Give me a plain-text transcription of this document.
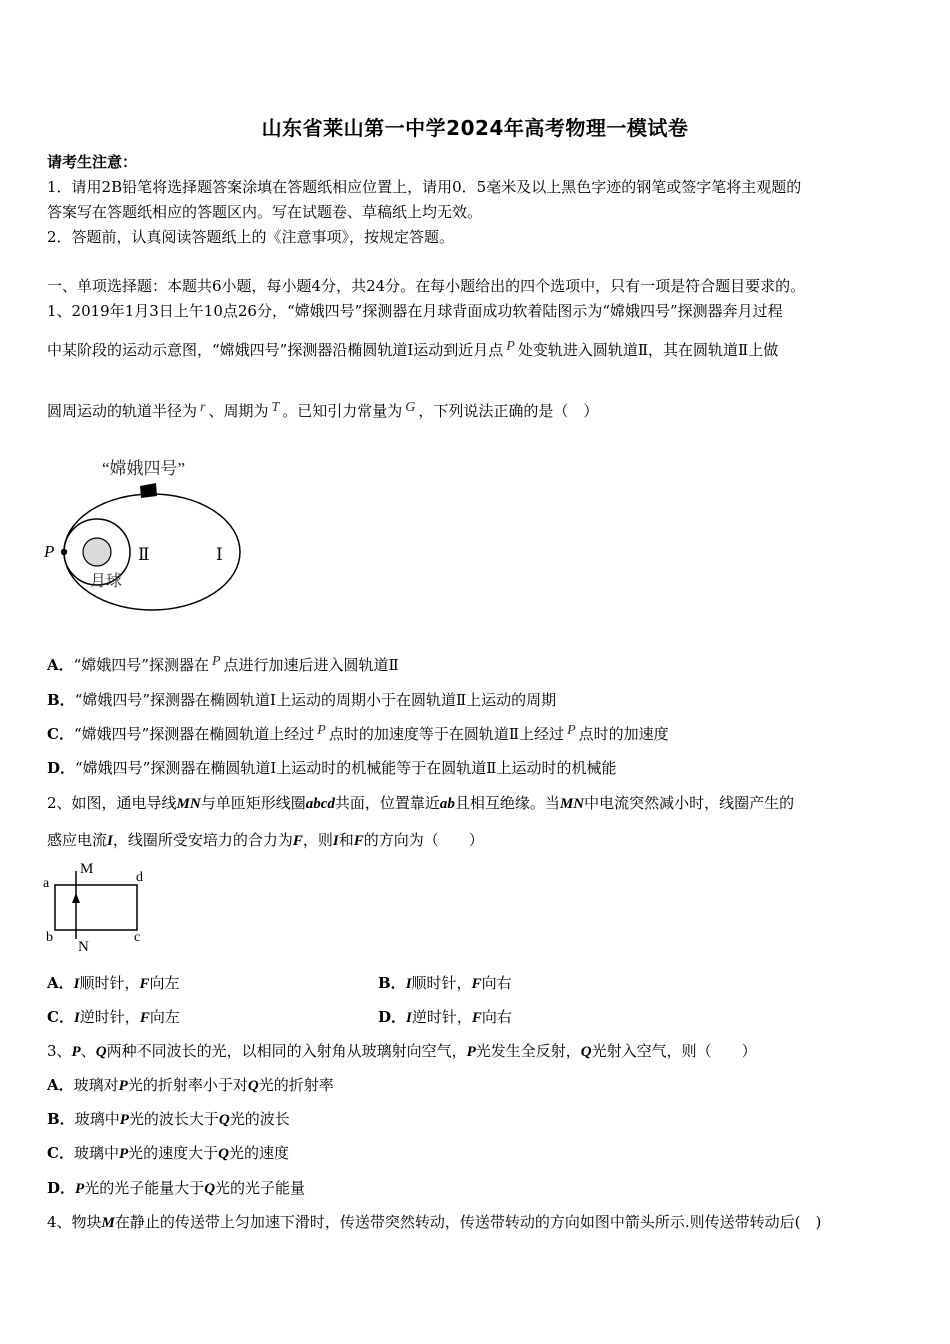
山东省莱山第一中学2024年高考物理一模试卷
请考生注意：
1．请用2B铅笔将选择题答案涂填在答题纸相应位置上，请用0．5毫米及以上黑色字迹的钢笔或签字笔将主观题的
答案写在答题纸相应的答题区内。写在试题卷、草稿纸上均无效。
2．答题前，认真阅读答题纸上的《注意事项》，按规定答题。
一、单项选择题：本题共6小题，每小题4分，共24分。在每小题给出的四个选项中，只有一项是符合题目要求的。
1、2019年1月3日上午10点26分，“嫦娥四号”探测器在月球背面成功软着陆图示为“嫦娥四号”探测器奔月过程
中某阶段的运动示意图，“嫦娥四号”探测器沿椭圆轨道Ⅰ运动到近月点 P 处变轨进入圆轨道Ⅱ，其在圆轨道Ⅱ上做
圆周运动的轨道半径为 r 、周期为 T 。已知引力常量为 G ，下列说法正确的是（　）
“嫦娥四号”
P	Ⅱ	Ⅰ
月球
A．“嫦娥四号”探测器在 P 点进行加速后进入圆轨道Ⅱ
B．“嫦娥四号”探测器在椭圆轨道Ⅰ上运动的周期小于在圆轨道Ⅱ上运动的周期
C．“嫦娥四号”探测器在椭圆轨道上经过 P 点时的加速度等于在圆轨道Ⅱ上经过 P 点时的加速度
D．“嫦娥四号”探测器在椭圆轨道Ⅰ上运动时的机械能等于在圆轨道Ⅱ上运动时的机械能
2、如图，通电导线MN与单匝矩形线圈abcd共面，位置靠近ab且相互绝缘。当MN中电流突然减小时，线圈产生的
感应电流I，线圈所受安培力的合力为F，则I和F的方向为（　　）
M
N
a	d
b	c
A．I顺时针，F向左	B．I顺时针，F向右
C．I逆时针，F向左	D．I逆时针，F向右
3、P、Q两种不同波长的光，以相同的入射角从玻璃射向空气，P光发生全反射，Q光射入空气，则（　　）
A．玻璃对P光的折射率小于对Q光的折射率
B．玻璃中P光的波长大于Q光的波长
C．玻璃中P光的速度大于Q光的速度
D．P光的光子能量大于Q光的光子能量
4、物块M在静止的传送带上匀加速下滑时，传送带突然转动，传送带转动的方向如图中箭头所示.则传送带转动后(　)
